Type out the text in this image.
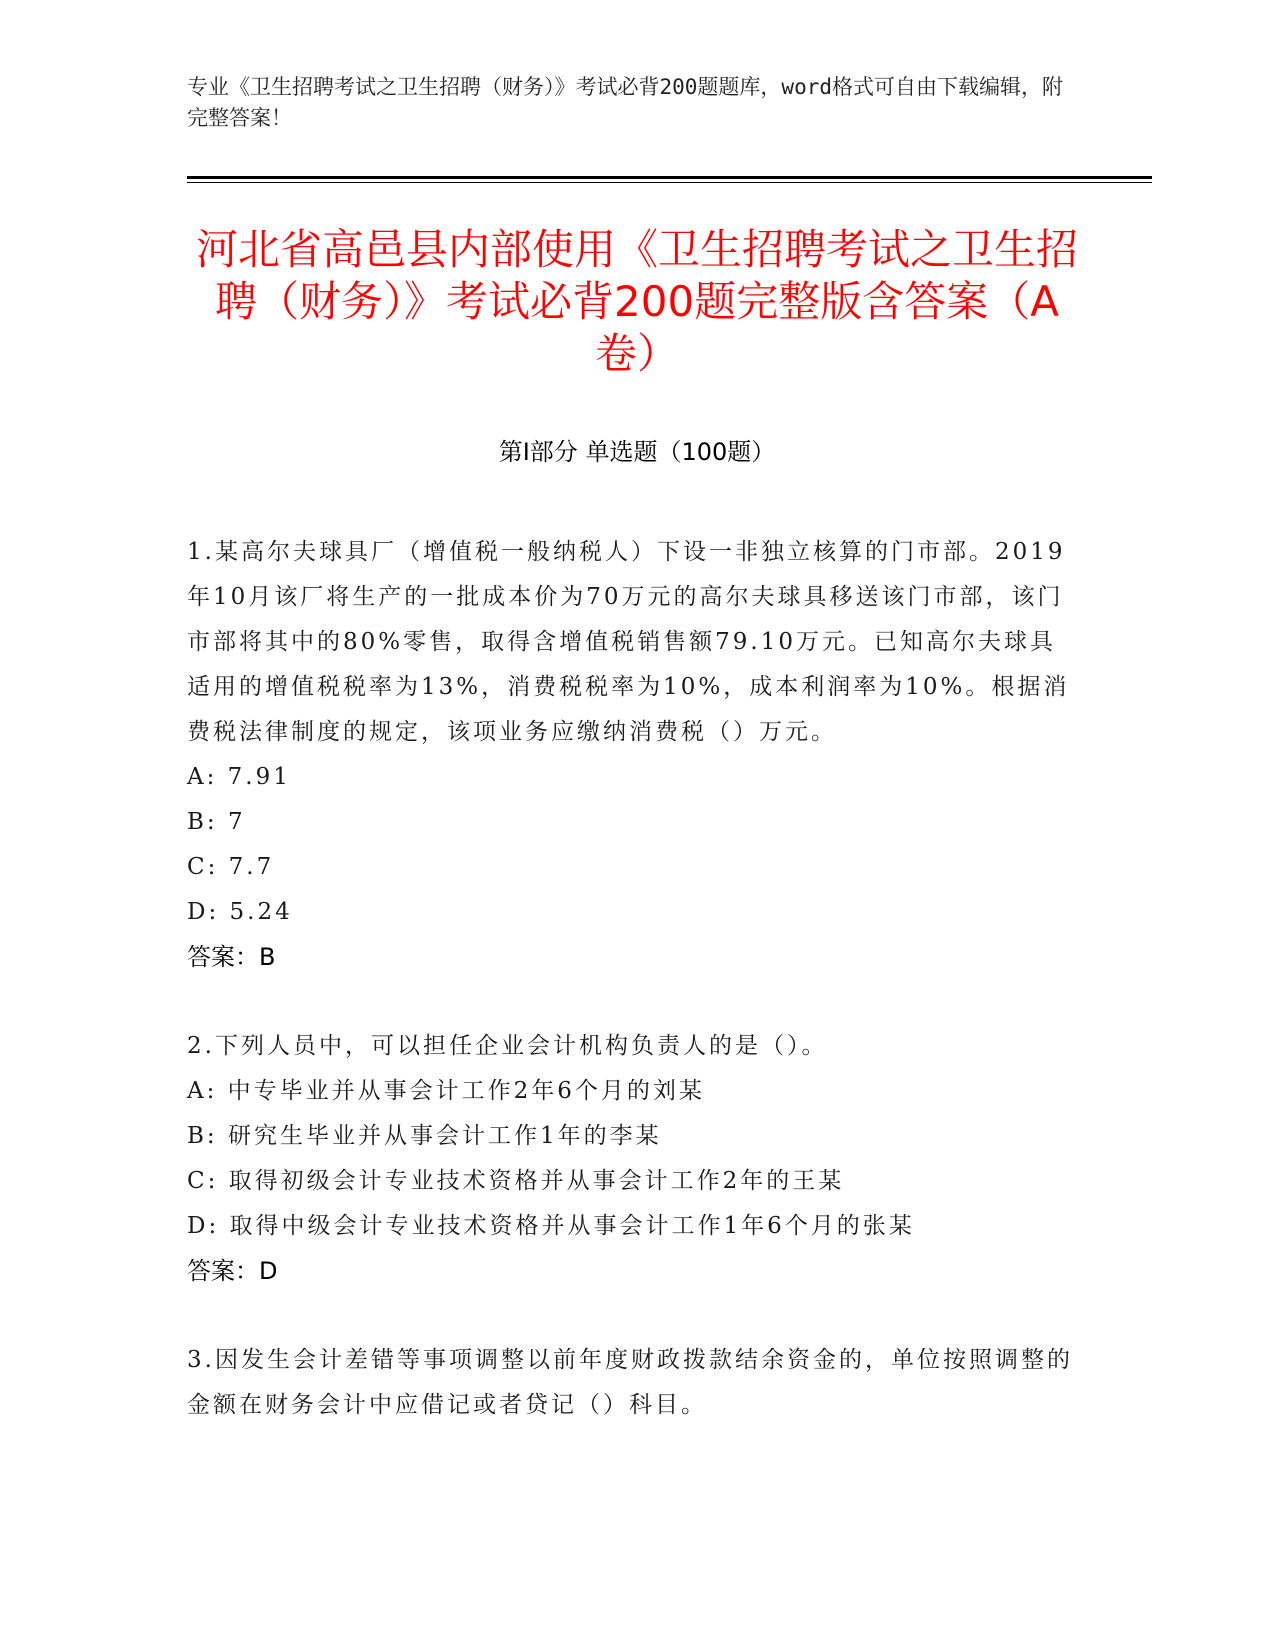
专业《卫生招聘考试之卫生招聘（财务）》考试必背200题题库，word格式可自由下载编辑，附完整答案！
河北省高邑县内部使用《卫生招聘考试之卫生招聘（财务）》考试必背200题完整版含答案（A卷）
第Ⅰ部分 单选题（100题）

1.某高尔夫球具厂（增值税一般纳税人）下设一非独立核算的门市部。2019年10月该厂将生产的一批成本价为70万元的高尔夫球具移送该门市部，该门市部将其中的80%零售，取得含增值税销售额79.10万元。已知高尔夫球具适用的增值税税率为13%，消费税税率为10%，成本利润率为10%。根据消费税法律制度的规定，该项业务应缴纳消费税（）万元。

A: 7.91

B: 7

C: 7.7

D: 5.24

答案：B

2.下列人员中，可以担任企业会计机构负责人的是（）。

A: 中专毕业并从事会计工作2年6个月的刘某

B: 研究生毕业并从事会计工作1年的李某

C: 取得初级会计专业技术资格并从事会计工作2年的王某

D: 取得中级会计专业技术资格并从事会计工作1年6个月的张某

答案：D

3.因发生会计差错等事项调整以前年度财政拨款结余资金的，单位按照调整的金额在财务会计中应借记或者贷记（）科目。
